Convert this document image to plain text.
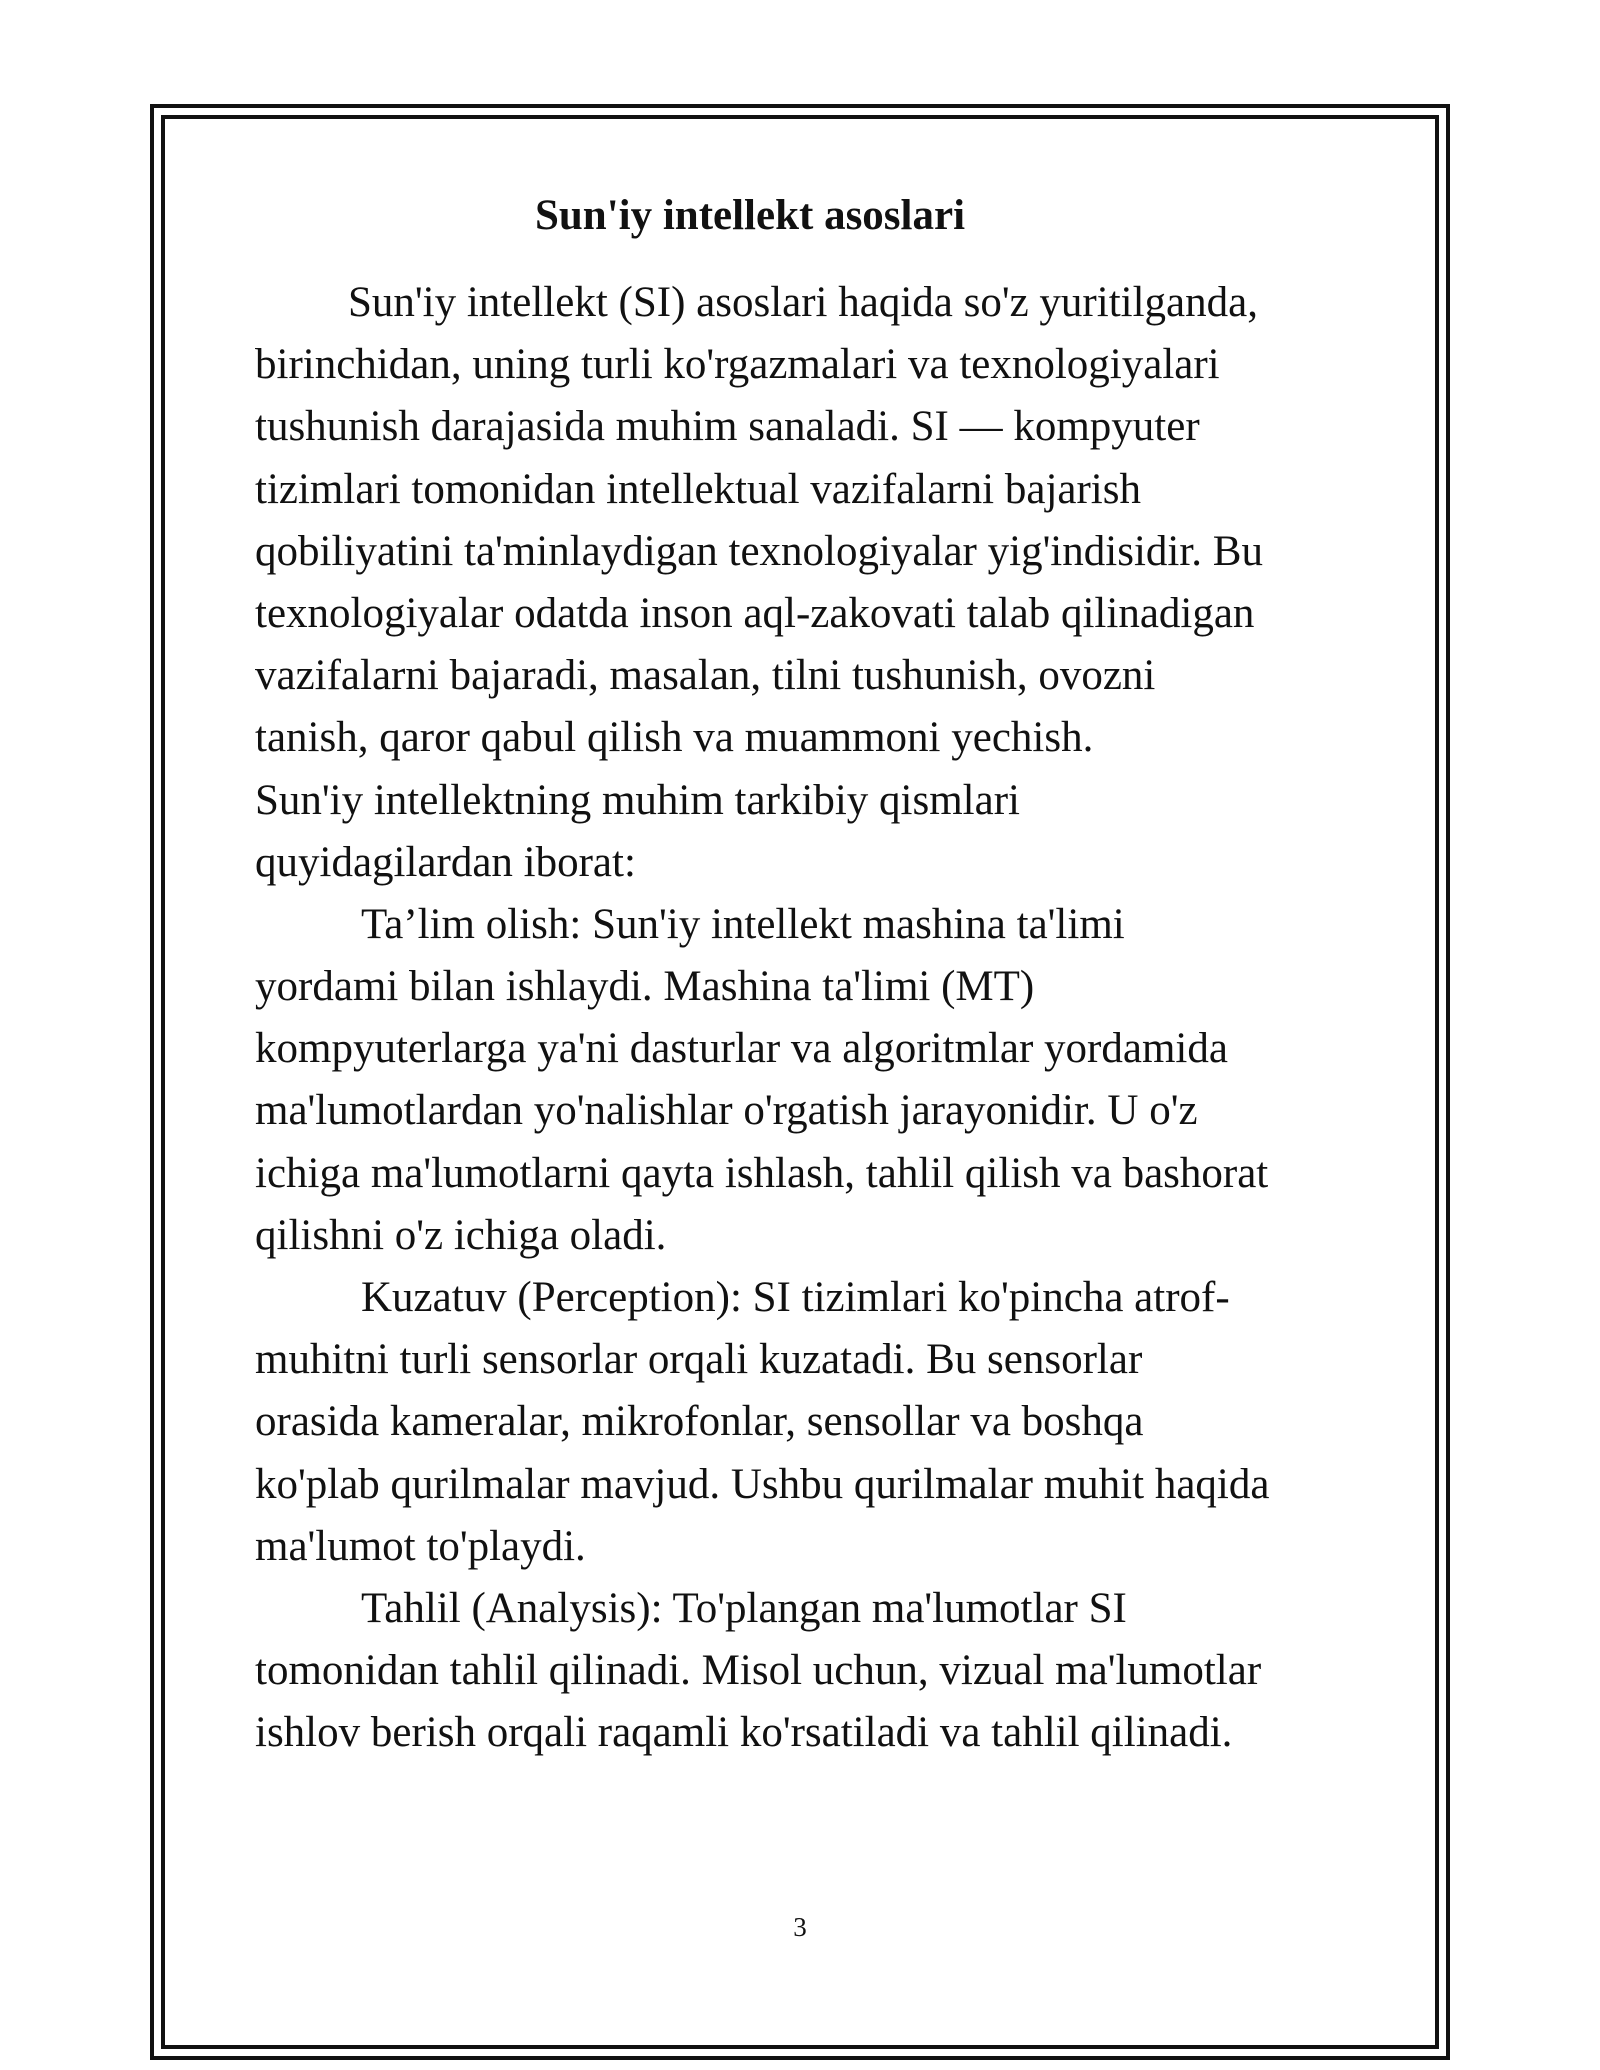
Sun'iy intellekt asoslari
Sun'iy intellekt (SI) asoslari haqida so'z yuritilganda,
birinchidan, uning turli ko'rgazmalari va texnologiyalari
tushunish darajasida muhim sanaladi. SI — kompyuter
tizimlari tomonidan intellektual vazifalarni bajarish
qobiliyatini ta'minlaydigan texnologiyalar yig'indisidir. Bu
texnologiyalar odatda inson aql-zakovati talab qilinadigan
vazifalarni bajaradi, masalan, tilni tushunish, ovozni
tanish, qaror qabul qilish va muammoni yechish.
Sun'iy intellektning muhim tarkibiy qismlari
quyidagilardan iborat:
Ta’lim olish: Sun'iy intellekt mashina ta'limi
yordami bilan ishlaydi. Mashina ta'limi (MT)
kompyuterlarga ya'ni dasturlar va algoritmlar yordamida
ma'lumotlardan yo'nalishlar o'rgatish jarayonidir. U o'z
ichiga ma'lumotlarni qayta ishlash, tahlil qilish va bashorat
qilishni o'z ichiga oladi.
Kuzatuv (Perception): SI tizimlari ko'pincha atrof-
muhitni turli sensorlar orqali kuzatadi. Bu sensorlar
orasida kameralar, mikrofonlar, sensollar va boshqa
ko'plab qurilmalar mavjud. Ushbu qurilmalar muhit haqida
ma'lumot to'playdi.
Tahlil (Analysis): To'plangan ma'lumotlar SI
tomonidan tahlil qilinadi. Misol uchun, vizual ma'lumotlar
ishlov berish orqali raqamli ko'rsatiladi va tahlil qilinadi.
3
